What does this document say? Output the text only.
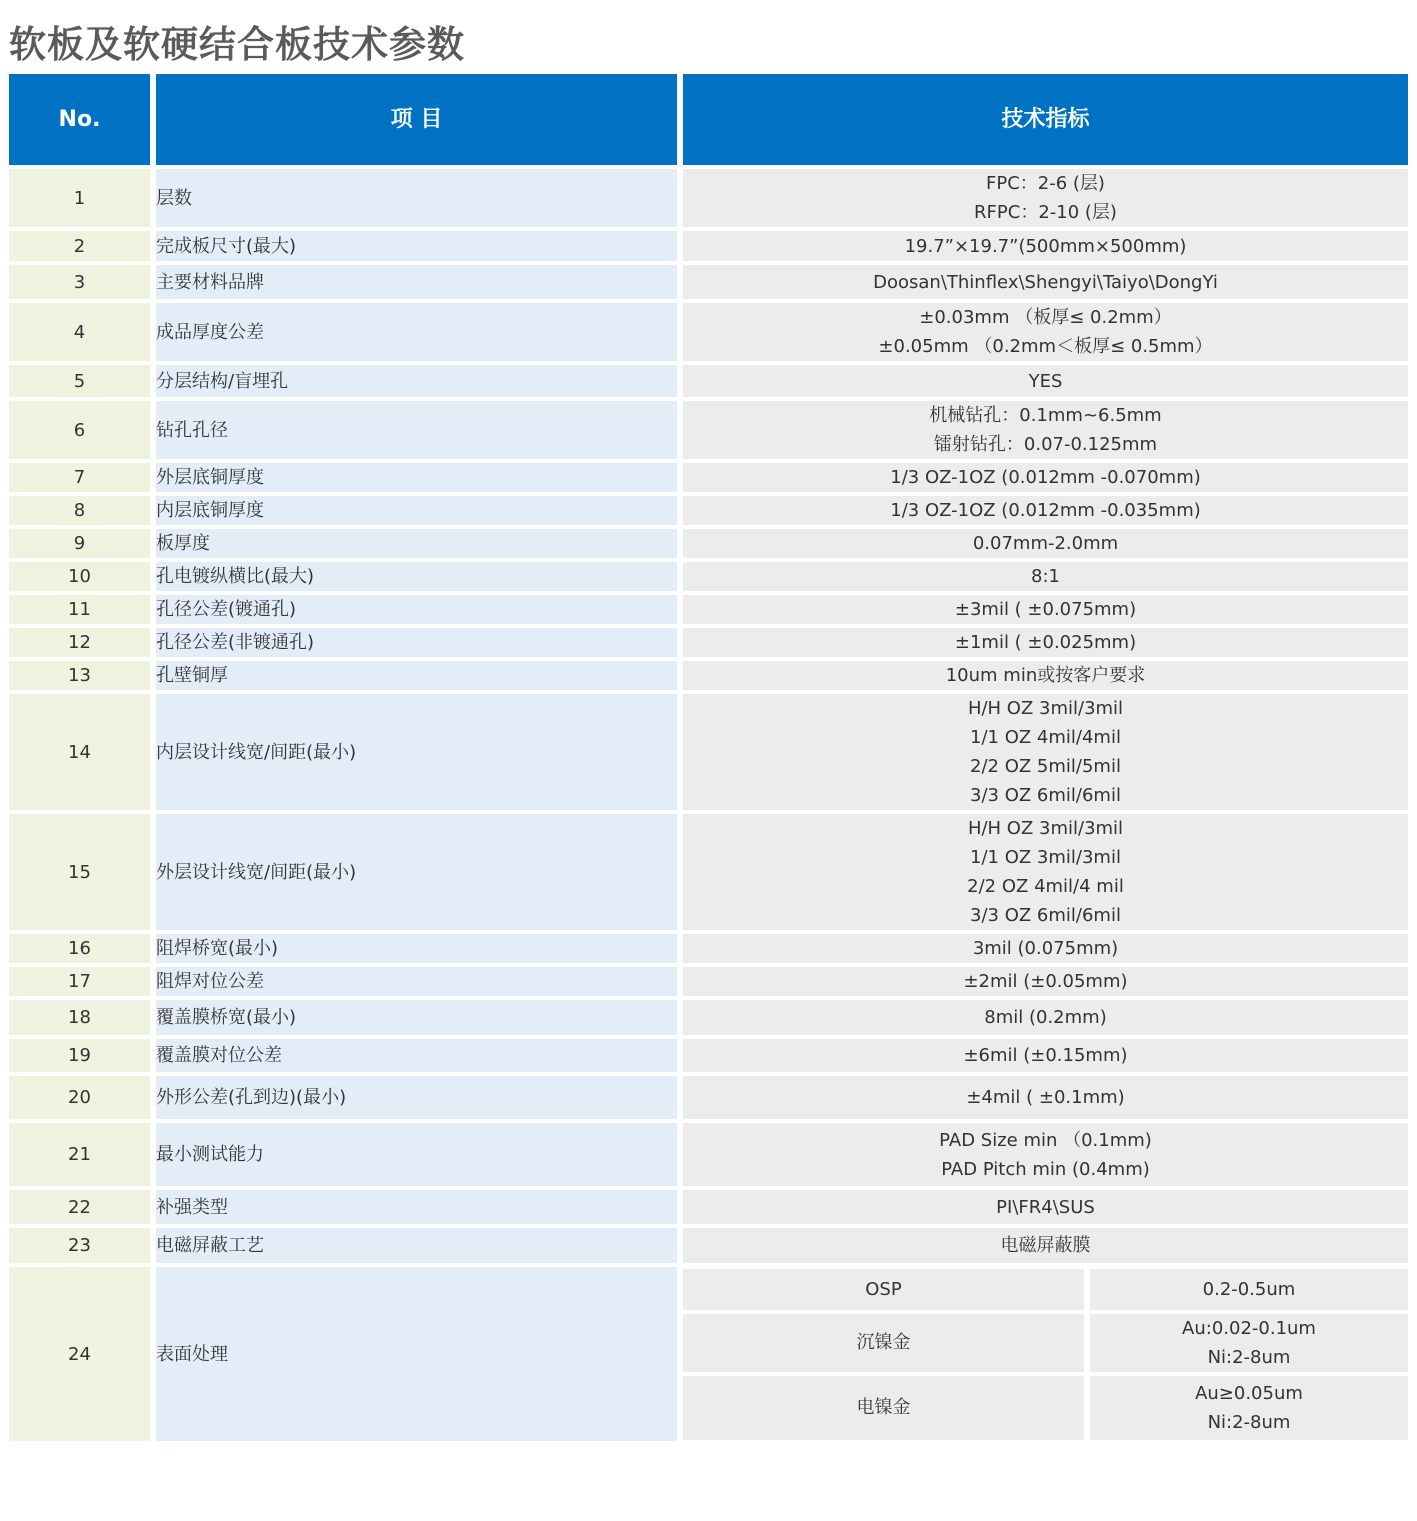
软板及软硬结合板技术参数
No.	项 目	技术指标

1	层数	
FPC：2-6 (层)
RFPC：2-10 (层)

2	完成板尺寸(最大)	19.7”×19.7”(500mm×500mm)

3	主要材料品牌	Doosan\Thinflex\Shengyi\Taiyo\DongYi

4	成品厚度公差	
±0.03mm （板厚≤ 0.2mm）
±0.05mm （0.2mm＜板厚≤ 0.5mm）

5	分层结构/盲埋孔	YES

6	钻孔孔径	
机械钻孔：0.1mm~6.5mm
镭射钻孔：0.07-0.125mm

7	外层底铜厚度	1/3 OZ-1OZ (0.012mm -0.070mm)

8	内层底铜厚度	1/3 OZ-1OZ (0.012mm -0.035mm)

9	板厚度	0.07mm-2.0mm

10	孔电镀纵横比(最大)	8:1

11	孔径公差(镀通孔)	±3mil ( ±0.075mm)

12	孔径公差(非镀通孔)	±1mil ( ±0.025mm)

13	孔壁铜厚	10um min或按客户要求

14	内层设计线宽/间距(最小)	
H/H OZ 3mil/3mil
1/1 OZ 4mil/4mil
2/2 OZ 5mil/5mil
3/3 OZ 6mil/6mil

15	外层设计线宽/间距(最小)	
H/H OZ 3mil/3mil
1/1 OZ 3mil/3mil
2/2 OZ 4mil/4 mil
3/3 OZ 6mil/6mil

16	阻焊桥宽(最小)	3mil (0.075mm)

17	阻焊对位公差	±2mil (±0.05mm)

18	覆盖膜桥宽(最小)	8mil (0.2mm)

19	覆盖膜对位公差	±6mil (±0.15mm)

20	外形公差(孔到边)(最小)	±4mil ( ±0.1mm)

21	最小测试能力	
PAD Size min （0.1mm)
PAD Pitch min (0.4mm)

22	补强类型	PI\FR4\SUS

23	电磁屏蔽工艺	电磁屏蔽膜

24	表面处理	
OSP	0.2-0.5um

沉镍金	
Au:0.02-0.1um
Ni:2-8um

电镍金	
Au≥0.05um
Ni:2-8um
